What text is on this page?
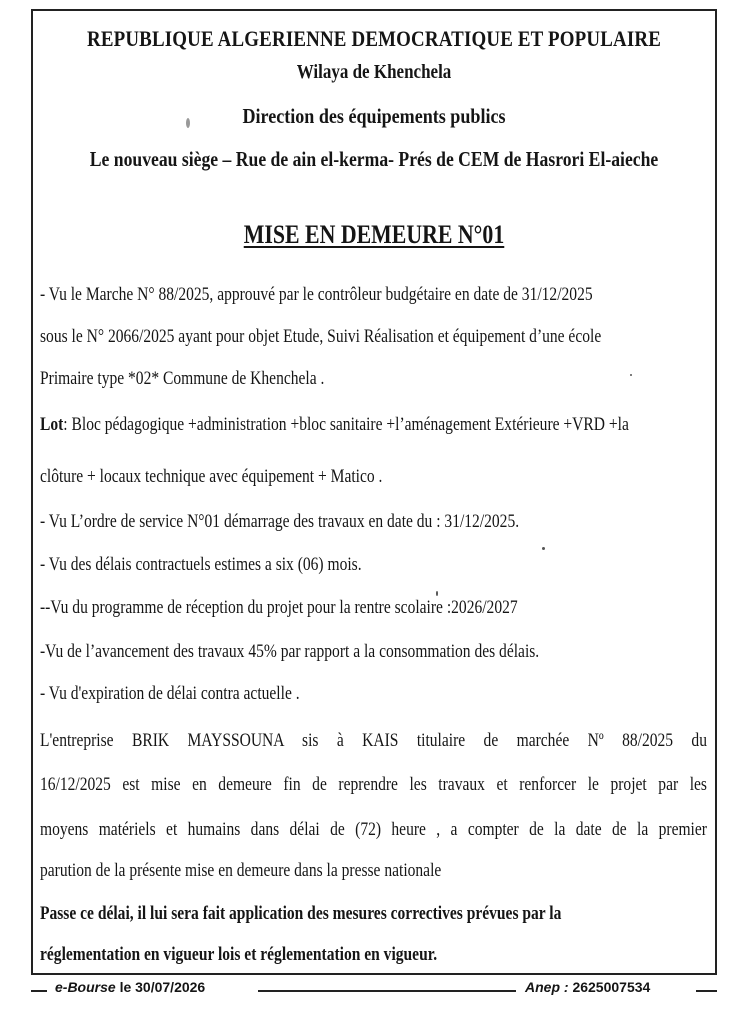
REPUBLIQUE ALGERIENNE DEMOCRATIQUE ET POPULAIRE
Wilaya de Khenchela
Direction des équipements publics
Le nouveau siège – Rue de ain el-kerma- Prés de CEM de Hasrori El-aieche
MISE EN DEMEURE N°01
- Vu le Marche N° 88/2025, approuvé par le contrôleur budgétaire en date de 31/12/2025
sous le N° 2066/2025 ayant pour objet Etude, Suivi Réalisation et équipement d’une école
Primaire type *02* Commune de Khenchela .
Lot: Bloc pédagogique +administration +bloc sanitaire +l’aménagement Extérieure +VRD +la
clôture + locaux technique avec équipement + Matico .
- Vu L’ordre de service N°01 démarrage des travaux en date du : 31/12/2025.
- Vu des délais contractuels estimes a six (06) mois.
--Vu du programme de réception du projet pour la rentre scolaire :2026/2027
-Vu de l’avancement des travaux 45% par rapport a la consommation des délais.
- Vu d'expiration de délai contra actuelle .
L'entreprise BRIK MAYSSOUNA sis à KAIS titulaire de marchée Nº 88/2025 du
16/12/2025 est mise en demeure fin de reprendre les travaux et renforcer le projet par les
moyens matériels et humains dans délai de (72) heure , a compter de la date de la premier
parution de la présente mise en demeure dans la presse nationale
Passe ce délai, il lui sera fait application des mesures correctives prévues par la
réglementation en vigueur lois et réglementation en vigueur.
e-Bourse le 30/07/2026	Anep : 2625007534
